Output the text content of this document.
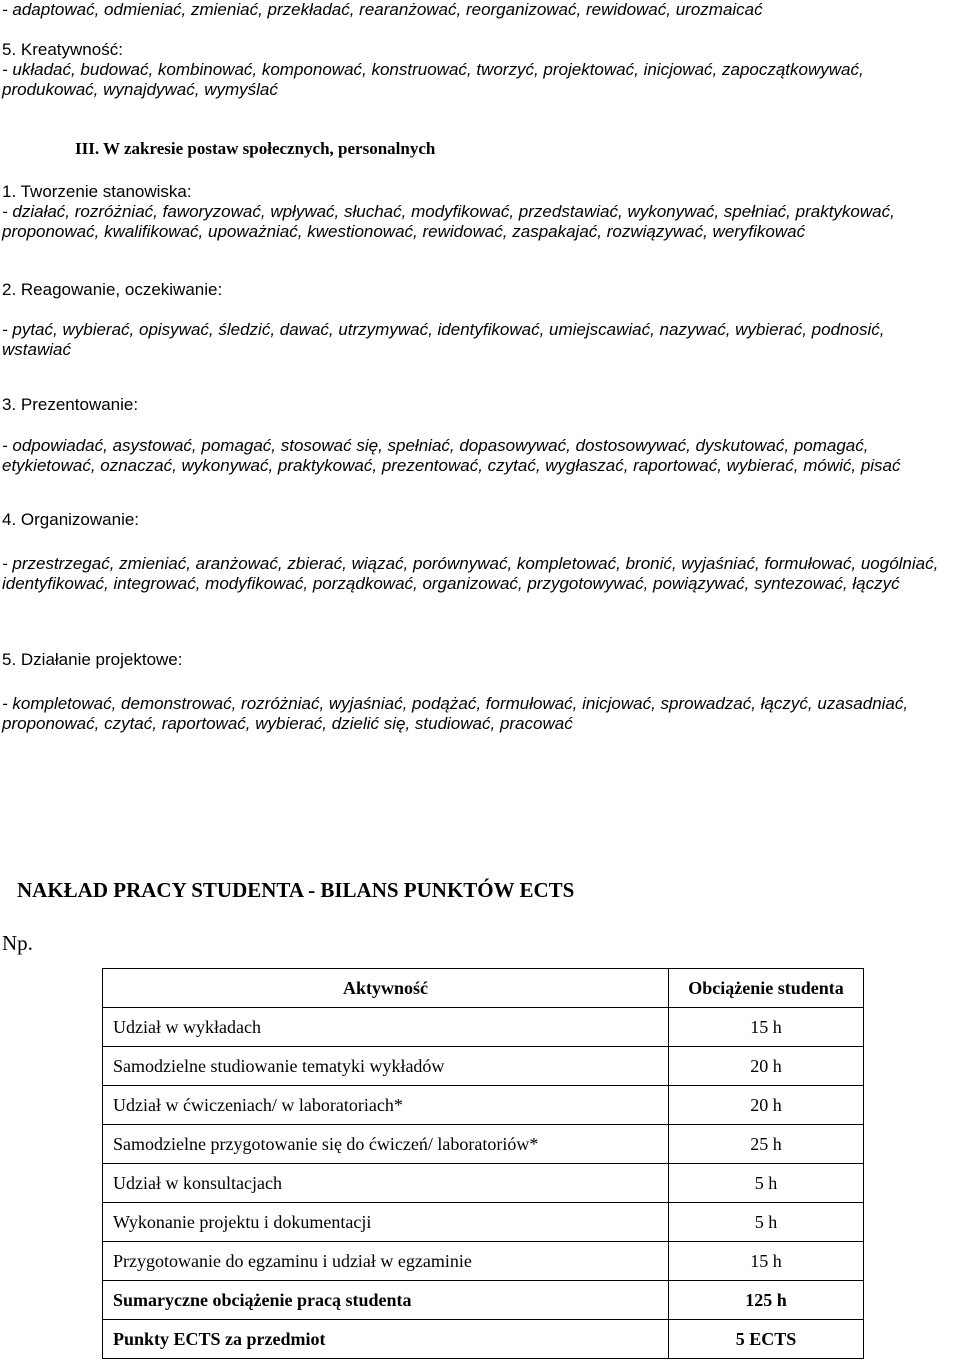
- adaptować, odmieniać, zmieniać, przekładać, rearanżować, reorganizować, rewidować, urozmaicać

5. Kreatywność:

- układać, budować, kombinować, komponować, konstruować, tworzyć, projektować, inicjować, zapoczątkowywać, produkować, wynajdywać, wymyślać

III. W zakresie postaw społecznych, personalnych

1. Tworzenie stanowiska:

- działać, rozróżniać, faworyzować, wpływać, słuchać, modyfikować, przedstawiać, wykonywać, spełniać, praktykować, proponować, kwalifikować, upoważniać, kwestionować, rewidować, zaspakajać, rozwiązywać, weryfikować

2. Reagowanie, oczekiwanie:

- pytać, wybierać, opisywać, śledzić, dawać, utrzymywać, identyfikować, umiejscawiać, nazywać, wybierać, podnosić, wstawiać

3. Prezentowanie:

- odpowiadać, asystować, pomagać, stosować się, spełniać, dopasowywać, dostosowywać, dyskutować, pomagać, etykietować, oznaczać, wykonywać, praktykować, prezentować, czytać, wygłaszać, raportować, wybierać, mówić, pisać

4. Organizowanie:

- przestrzegać, zmieniać, aranżować, zbierać, wiązać, porównywać, kompletować, bronić, wyjaśniać, formułować, uogólniać, identyfikować, integrować, modyfikować, porządkować, organizować, przygotowywać, powiązywać, syntezować, łączyć

5. Działanie projektowe:

- kompletować, demonstrować, rozróżniać, wyjaśniać, podążać, formułować, inicjować, sprowadzać, łączyć, uzasadniać, proponować, czytać, raportować, wybierać, dzielić się, studiować, pracować

NAKŁAD PRACY STUDENTA - BILANS PUNKTÓW ECTS

Np.

Aktywność	Obciążenie studenta
Udział w wykładach	15 h
Samodzielne studiowanie tematyki wykładów	20 h
Udział w ćwiczeniach/ w laboratoriach*	20 h
Samodzielne przygotowanie się do ćwiczeń/ laboratoriów*	25 h
Udział w konsultacjach	5 h
Wykonanie projektu i dokumentacji	5 h
Przygotowanie do egzaminu i udział w egzaminie	15 h
Sumaryczne obciążenie pracą studenta	125 h
Punkty ECTS za przedmiot	5 ECTS
